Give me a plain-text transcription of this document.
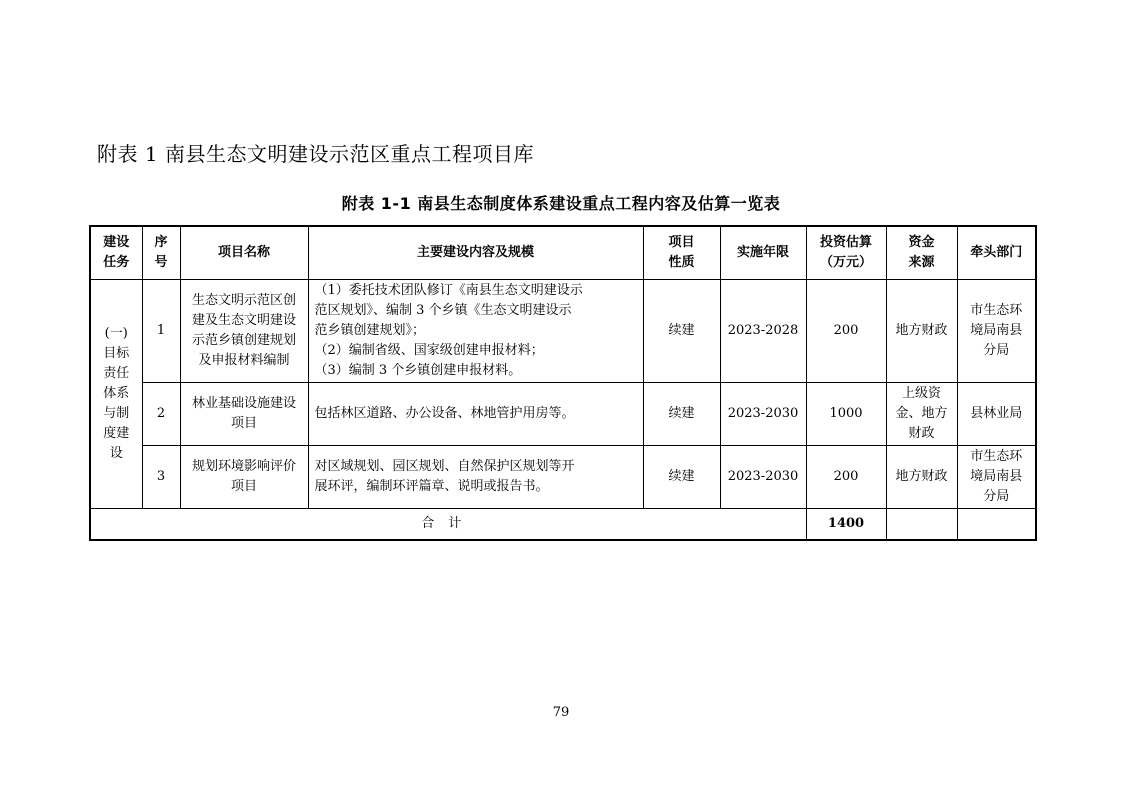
附表 1 南县生态文明建设示范区重点工程项目库
附表 1-1 南县生态制度体系建设重点工程内容及估算一览表
建设任务	序号	项目名称	主要建设内容及规模	项目性质	实施年限	投资估算（万元）	资金来源	牵头部门

(一)目标责任体系与制度建设	1	生态文明示范区创建及生态文明建设示范乡镇创建规划及申报材料编制	（1）委托技术团队修订《南县生态文明建设示
范区规划》、编制 3 个乡镇《生态文明建设示
范乡镇创建规划》；
（2）编制省级、国家级创建申报材料；
（3）编制 3 个乡镇创建申报材料。	续建	2023-2028	200	地方财政	市生态环境局南县分局

	2	林业基础设施建设项目	包括林区道路、办公设备、林地管护用房等。	续建	2023-2030	1000	上级资金、地方财政	县林业局
	3	规划环境影响评价项目	对区域规划、园区规划、自然保护区规划等开
展环评，编制环评篇章、说明或报告书。	续建	2023-2030	200	地方财政	市生态环境局南县分局

合计						1400		
79
